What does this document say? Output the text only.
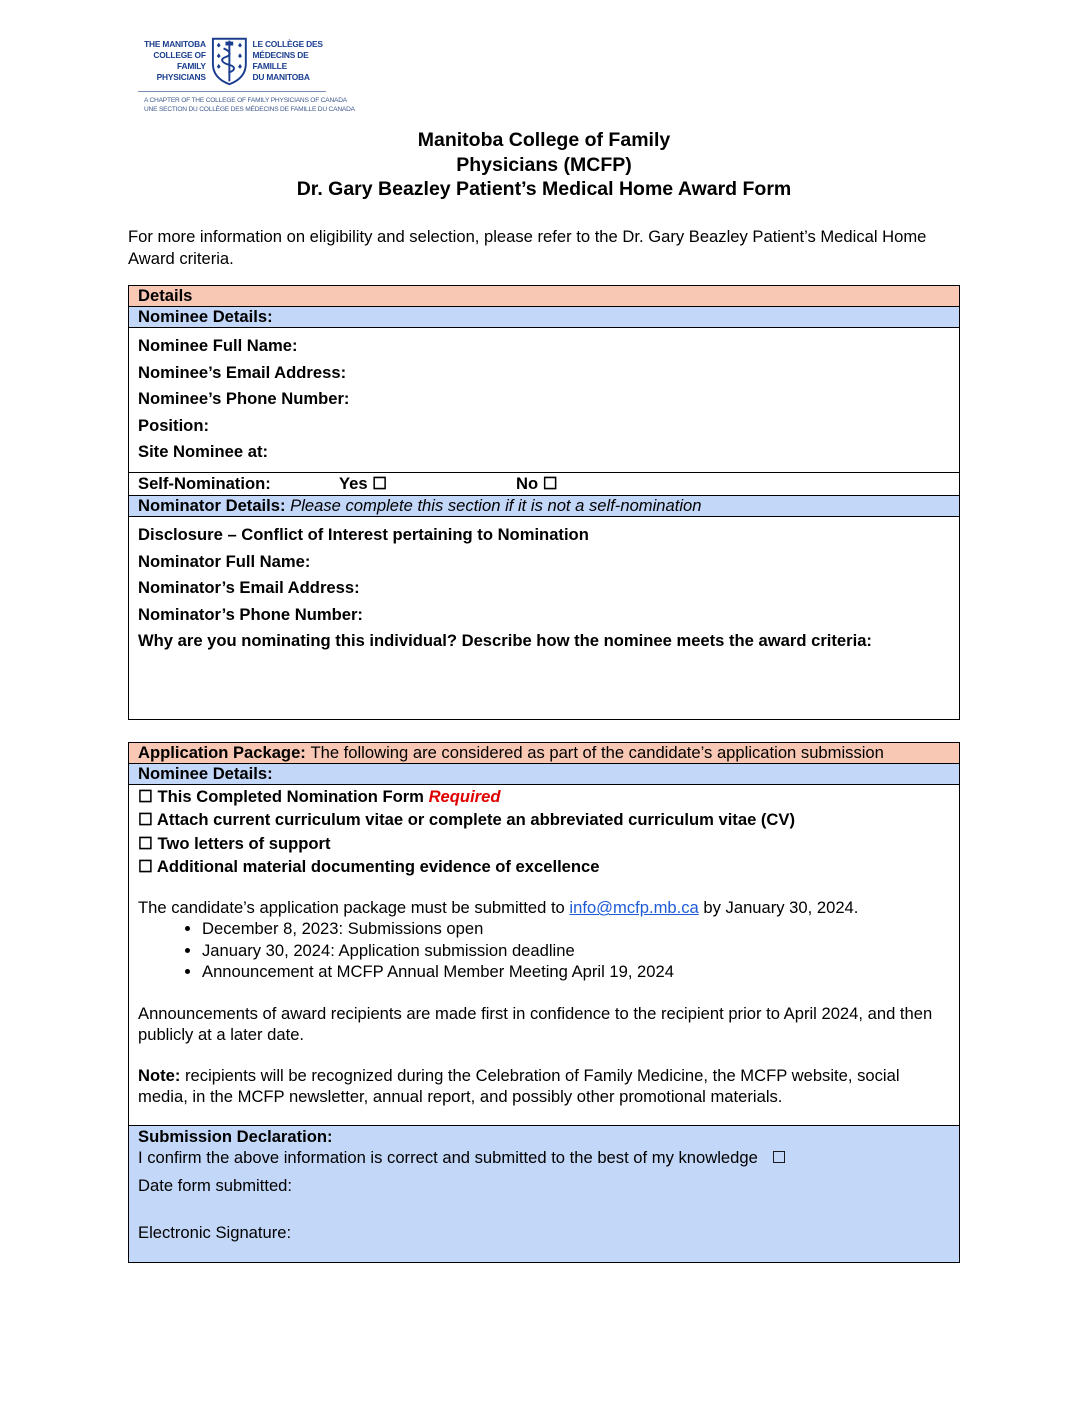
THE MANITOBA
COLLEGE OF
FAMILY PHYSICIANS
LE COLLÈGE DES
MÉDECINS DE FAMILLE
DU MANITOBA
A CHAPTER OF THE COLLEGE OF FAMILY PHYSICIANS OF CANADA
UNE SECTION DU COLLÈGE DES MÉDECINS DE FAMILLE DU CANADA
Manitoba College of Family
Physicians (MCFP)
Dr. Gary Beazley Patient’s Medical Home Award Form
For more information on eligibility and selection, please refer to the Dr. Gary Beazley Patient’s Medical Home Award criteria.
Details
Nominee Details:

Nominee Full Name:
Nominee’s Email Address:
Nominee’s Phone Number:
Position:
Site Nominee at:

Self-Nomination:	Yes ☐	No ☐
Nominator Details: Please complete this section if it is not a self-nomination

Disclosure – Conflict of Interest pertaining to Nomination
Nominator Full Name:
Nominator’s Email Address:
Nominator’s Phone Number:
Why are you nominating this individual? Describe how the nominee meets the award criteria:
Application Package: The following are considered as part of the candidate’s application submission
Nominee Details:

☐ This Completed Nomination Form Required
☐ Attach current curriculum vitae or complete an abbreviated curriculum vitae (CV)
☐ Two letters of support
☐ Additional material documenting evidence of excellence

The candidate’s application package must be submitted to info@mcfp.mb.ca by January 30, 2024.

• December 8, 2023: Submissions open
• January 30, 2024: Application submission deadline
• Announcement at MCFP Annual Member Meeting April 19, 2024

Announcements of award recipients are made first in confidence to the recipient prior to April 2024, and then publicly at a later date.

Note: recipients will be recognized during the Celebration of Family Medicine, the MCFP website, social media, in the MCFP newsletter, annual report, and possibly other promotional materials.

Submission Declaration:
I confirm the above information is correct and submitted to the best of my knowledge ☐
Date form submitted:
Electronic Signature:
